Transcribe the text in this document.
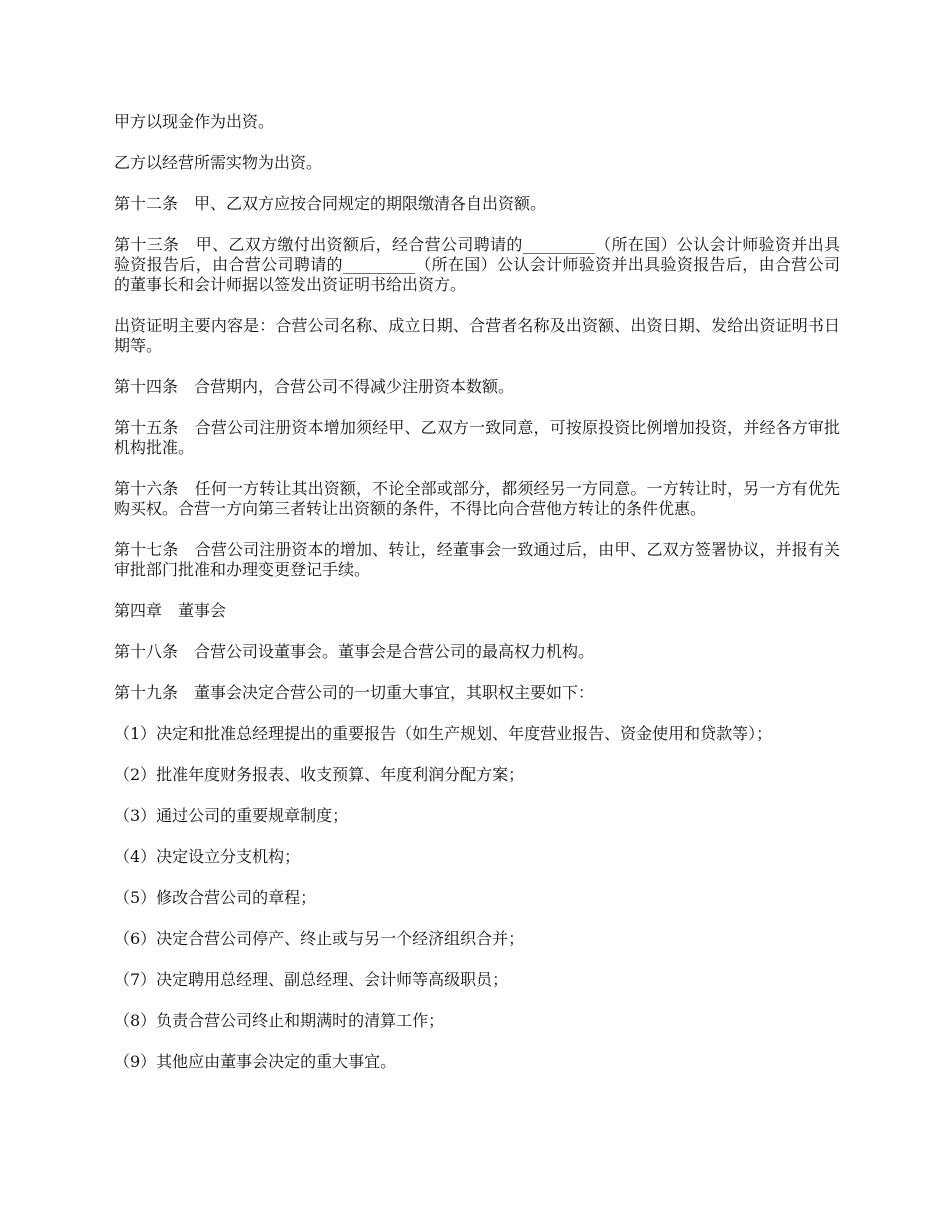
甲方以现金作为出资。

乙方以经营所需实物为出资。

第十二条　甲、乙双方应按合同规定的期限缴清各自出资额。

第十三条　甲、乙双方缴付出资额后，经合营公司聘请的_________（所在国）公认会计师验资并出具验资报告后，由合营公司聘请的_________（所在国）公认会计师验资并出具验资报告后，由合营公司的董事长和会计师据以签发出资证明书给出资方。

出资证明主要内容是：合营公司名称、成立日期、合营者名称及出资额、出资日期、发给出资证明书日期等。

第十四条　合营期内，合营公司不得减少注册资本数额。

第十五条　合营公司注册资本增加须经甲、乙双方一致同意，可按原投资比例增加投资，并经各方审批机构批准。

第十六条　任何一方转让其出资额，不论全部或部分，都须经另一方同意。一方转让时，另一方有优先购买权。合营一方向第三者转让出资额的条件，不得比向合营他方转让的条件优惠。

第十七条　合营公司注册资本的增加、转让，经董事会一致通过后，由甲、乙双方签署协议，并报有关审批部门批准和办理变更登记手续。

第四章　董事会

第十八条　合营公司设董事会。董事会是合营公司的最高权力机构。

第十九条　董事会决定合营公司的一切重大事宜，其职权主要如下：

（1）决定和批准总经理提出的重要报告（如生产规划、年度营业报告、资金使用和贷款等）；

（2）批准年度财务报表、收支预算、年度利润分配方案；

（3）通过公司的重要规章制度；

（4）决定设立分支机构；

（5）修改合营公司的章程；

（6）决定合营公司停产、终止或与另一个经济组织合并；

（7）决定聘用总经理、副总经理、会计师等高级职员；

（8）负责合营公司终止和期满时的清算工作；

（9）其他应由董事会决定的重大事宜。
